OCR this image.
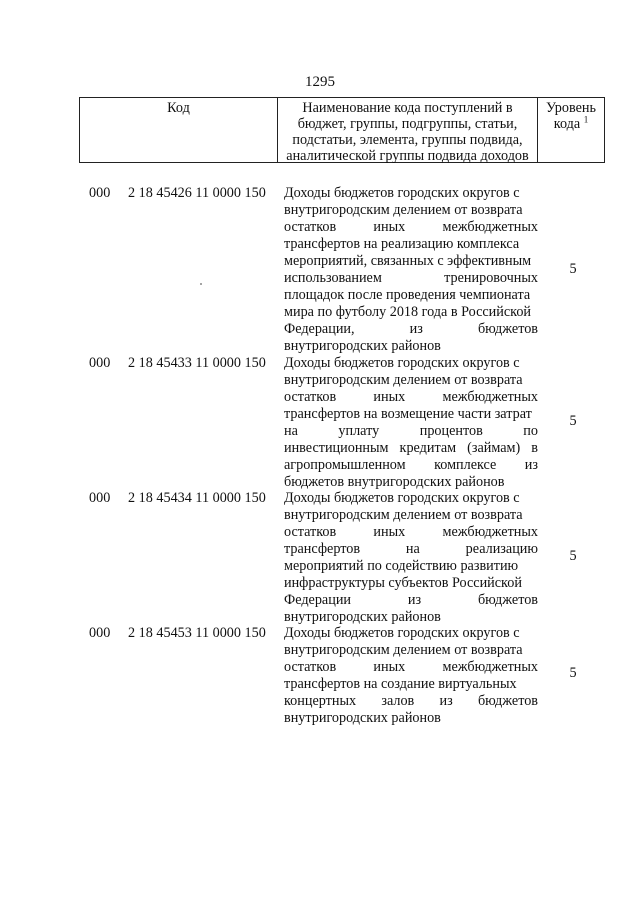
1295
Код	Наименование кода поступлений в
бюджет, группы, подгруппы, статьи,
подстатьи, элемента, группы подвида,
аналитической группы подвида доходов
Уровень
кода $^1$
000 2 18 45426 11 0000 150 Доходы бюджетов городских округов с
внутригородским делением от возврата
остатков иных межбюджетных
трансфертов на реализацию комплекса
мероприятий, связанных с эффективным
использованием тренировочных
площадок после проведения чемпионата
мира по футболу 2018 года в Российской
Федерации, из бюджетов
внутригородских районов
5
000 2 18 45433 11 0000 150 Доходы бюджетов городских округов с
внутригородским делением от возврата
остатков иных межбюджетных
трансфертов на возмещение части затрат
на уплату процентов по
инвестиционным кредитам (займам) в
агропромышленном комплексе из
бюджетов внутригородских районов
5
000 2 18 45434 11 0000 150 Доходы бюджетов городских округов с
внутригородским делением от возврата
остатков иных межбюджетных
трансфертов на реализацию
мероприятий по содействию развитию
инфраструктуры субъектов Российской
Федерации из бюджетов
внутригородских районов
5
000 2 18 45453 11 0000 150 Доходы бюджетов городских округов с
внутригородским делением от возврата
остатков иных межбюджетных
трансфертов на создание виртуальных
концертных залов из бюджетов
внутригородских районов
5
